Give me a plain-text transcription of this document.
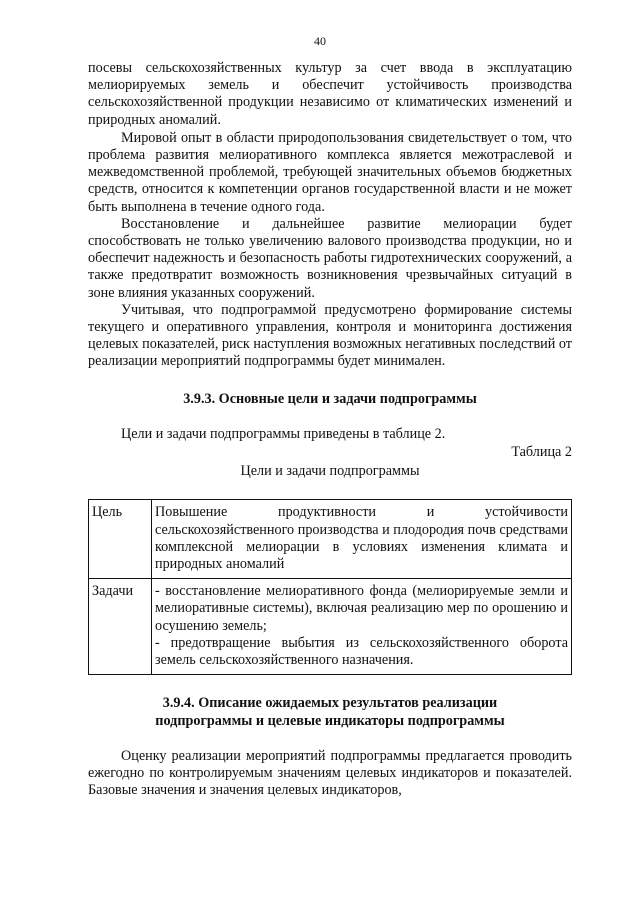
40

посевы сельскохозяйственных культур за счет ввода в эксплуатацию мелиорируемых земель и обеспечит устойчивость производства сельскохозяйственной продукции независимо от климатических изменений и природных аномалий.

Мировой опыт в области природопользования свидетельствует о том, что проблема развития мелиоративного комплекса является межотраслевой и межведомственной проблемой, требующей значительных объемов бюджетных средств, относится к компетенции органов государственной власти и не может быть выполнена в течение одного года.

Восстановление и дальнейшее развитие мелиорации будет способствовать не только увеличению валового производства продукции, но и обеспечит надежность и безопасность работы гидротехнических сооружений, а также предотвратит возможность возникновения чрезвычайных ситуаций в зоне влияния указанных сооружений.

Учитывая, что подпрограммой предусмотрено формирование системы текущего и оперативного управления, контроля и мониторинга достижения целевых показателей, риск наступления возможных негативных последствий от реализации мероприятий подпрограммы будет минимален.

3.9.3. Основные цели и задачи подпрограммы

Цели и задачи подпрограммы приведены в таблице 2.

Таблица 2

Цели и задачи подпрограммы

Цель	Повышение продуктивности и устойчивости сельскохозяйственного производства и плодородия почв средствами комплексной мелиорации в условиях изменения климата и природных аномалий

Задачи	- восстановление мелиоративного фонда (мелиорируемые земли и мелиоративные системы), включая реализацию мер по орошению и осушению земель;
- предотвращение выбытия из сельскохозяйственного оборота земель сельскохозяйственного назначения.

3.9.4. Описание ожидаемых результатов реализации

подпрограммы и целевые индикаторы подпрограммы

Оценку реализации мероприятий подпрограммы предлагается проводить ежегодно по контролируемым значениям целевых индикаторов и показателей. Базовые значения и значения целевых индикаторов,
